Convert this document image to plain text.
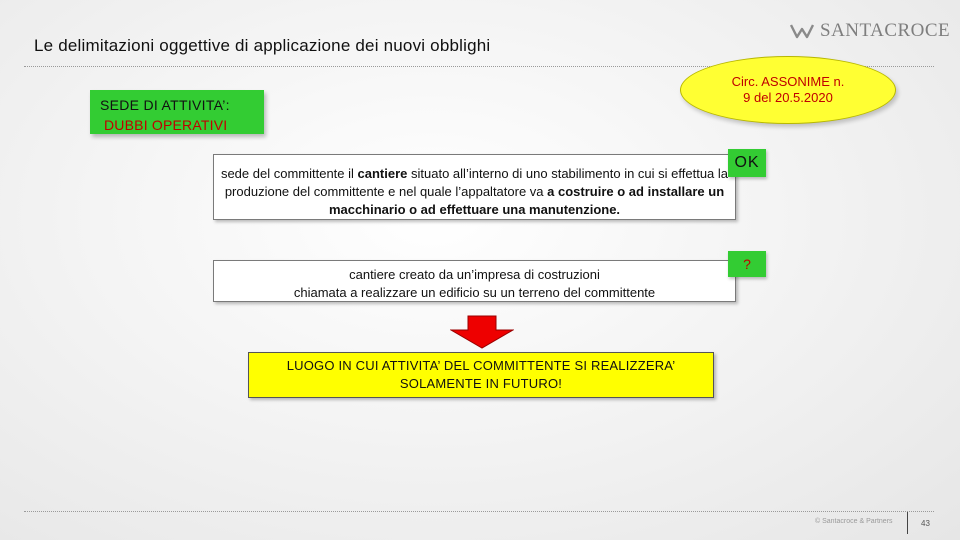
Le delimitazioni oggettive di applicazione dei nuovi obblighi
SANTACROCE
Circ. ASSONIME n.
9 del 20.5.2020
SEDE DI ATTIVITA’:
DUBBI OPERATIVI
sede del committente il cantiere situato all’interno di uno stabilimento in cui si effettua la produzione del committente e nel quale l’appaltatore va a costruire o ad installare un macchinario o ad effettuare una manutenzione.
OK
cantiere creato da un’impresa di costruzioni
chiamata a realizzare un edificio su un terreno del committente
?
LUOGO IN CUI ATTIVITA’ DEL COMMITTENTE SI REALIZZERA’
SOLAMENTE IN FUTURO!
© Santacroce & Partners	43
